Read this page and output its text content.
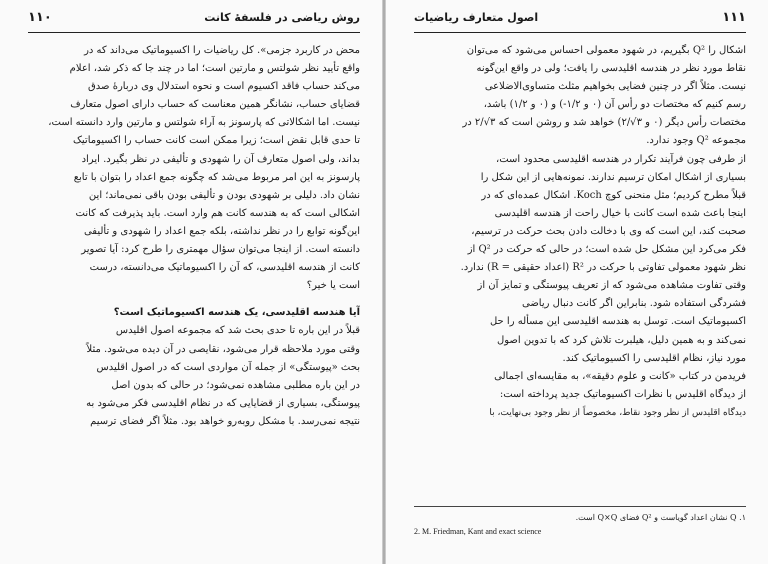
۱۱۰	روش ریاضی در فلسفهٔ کانت
محض در کاربرد جزمی». کل ریاضیات را اکسیوماتیک می‌داند که در
واقع تأیید نظر شولتس و مارتین است؛ اما در چند جا که ذکر شد، اعلام
می‌کند حساب فاقد اکسیوم است و نحوه استدلال وی دربارهٔ صدق
قضایای حساب، نشانگر همین معناست که حساب دارای اصول متعارف
نیست. اما اشکالاتی که پارسونز به آراء شولتس و مارتین وارد دانسته است،
تا حدی قابل نقض است؛ زیرا ممکن است کانت حساب را اکسیوماتیک
بداند، ولی اصول متعارف آن را شهودی و تألیفی در نظر بگیرد. ایراد
پارسونز به این امر مربوط می‌شد که چگونه جمع اعداد را بتوان با تابع
نشان داد. دلیلی بر شهودی بودن و تألیفی بودن باقی نمی‌ماند؛ این
اشکالی است که به هندسه کانت هم وارد است. باید پذیرفت که کانت
این‌گونه توابع را در نظر نداشته، بلکه جمع اعداد را شهودی و تألیفی
دانسته است. از اینجا می‌توان سؤال مهمتری را طرح کرد: آیا تصویر
کانت از هندسه اقلیدسی، که آن را اکسیوماتیک می‌دانسته، درست
است یا خیر؟
آیا هندسه اقلیدسی، یک هندسه اکسیوماتیک است؟
قبلاً در این باره تا حدی بحث شد که مجموعه اصول اقلیدس
وقتی مورد ملاحظه قرار می‌شود، نقایصی در آن دیده می‌شود. مثلاً
بحث «پیوستگی» از جمله آن مواردی است که در اصول اقلیدس
در این باره مطلبی مشاهده نمی‌شود؛ در حالی که بدون اصل
پیوستگی، بسیاری از قضایایی که در نظام اقلیدسی فکر می‌شود به
نتیجه نمی‌رسد. با مشکل روبه‌رو خواهد بود. مثلاً اگر فضای ترسیم
۱۱۱
اصول متعارف ریاضیات
اشکال را Q² بگیریم، در شهود معمولی احساس می‌شود که می‌توان
نقاط مورد نظر در هندسه اقلیدسی را یافت؛ ولی در واقع این‌گونه
نیست. مثلاً اگر در چنین فضایی بخواهیم مثلث متساوی‌الاضلاعی
رسم کنیم که مختصات دو رأس آن (۰ و ۱/۲-) و (۰ و ۱/۲) باشد،
مختصات رأس دیگر (۰ و ۳√/۲) خواهد شد و روشن است که ۳√/۲ در
مجموعه Q² وجود ندارد.
از طرفی چون فرآیند تکرار در هندسه اقلیدسی محدود است،
بسیاری از اشکال امکان ترسیم ندارند. نمونه‌هایی از این شکل را
قبلاً مطرح کردیم؛ مثل منحنی کوچ Koch. اشکال عمده‌ای که در
اینجا باعث شده است کانت با خیال راحت از هندسه اقلیدسی
صحبت کند، این است که وی با دخالت دادن بحث حرکت در ترسیم،
فکر می‌کرد این مشکل حل شده است؛ در حالی که حرکت در Q² از
نظر شهود معمولی تفاوتی با حرکت در R² (اعداد حقیقی = R) ندارد.
وقتی تفاوت مشاهده می‌شود که از تعریف پیوستگی و تمایز آن از
فشردگی استفاده شود. بنابراین اگر کانت دنبال ریاضی
اکسیوماتیک است. توسل به هندسه اقلیدسی این مسأله را حل
نمی‌کند و به همین دلیل، هیلبرت تلاش کرد که با تدوین اصول
مورد نیاز، نظام اقلیدسی را اکسیوماتیک کند.
فریدمن در کتاب «کانت و علوم دقیقه»، به مقایسه‌ای اجمالی
از دیدگاه اقلیدس با نظرات اکسیوماتیک جدید پرداخته است:
دیدگاه اقلیدس از نظر وجود نقاط، مخصوصاً از نظر وجود بی‌نهایت، با
۱. Q نشان اعداد گویاست و Q² فضای Q×Q است.
2. M. Friedman, Kant and exact science
